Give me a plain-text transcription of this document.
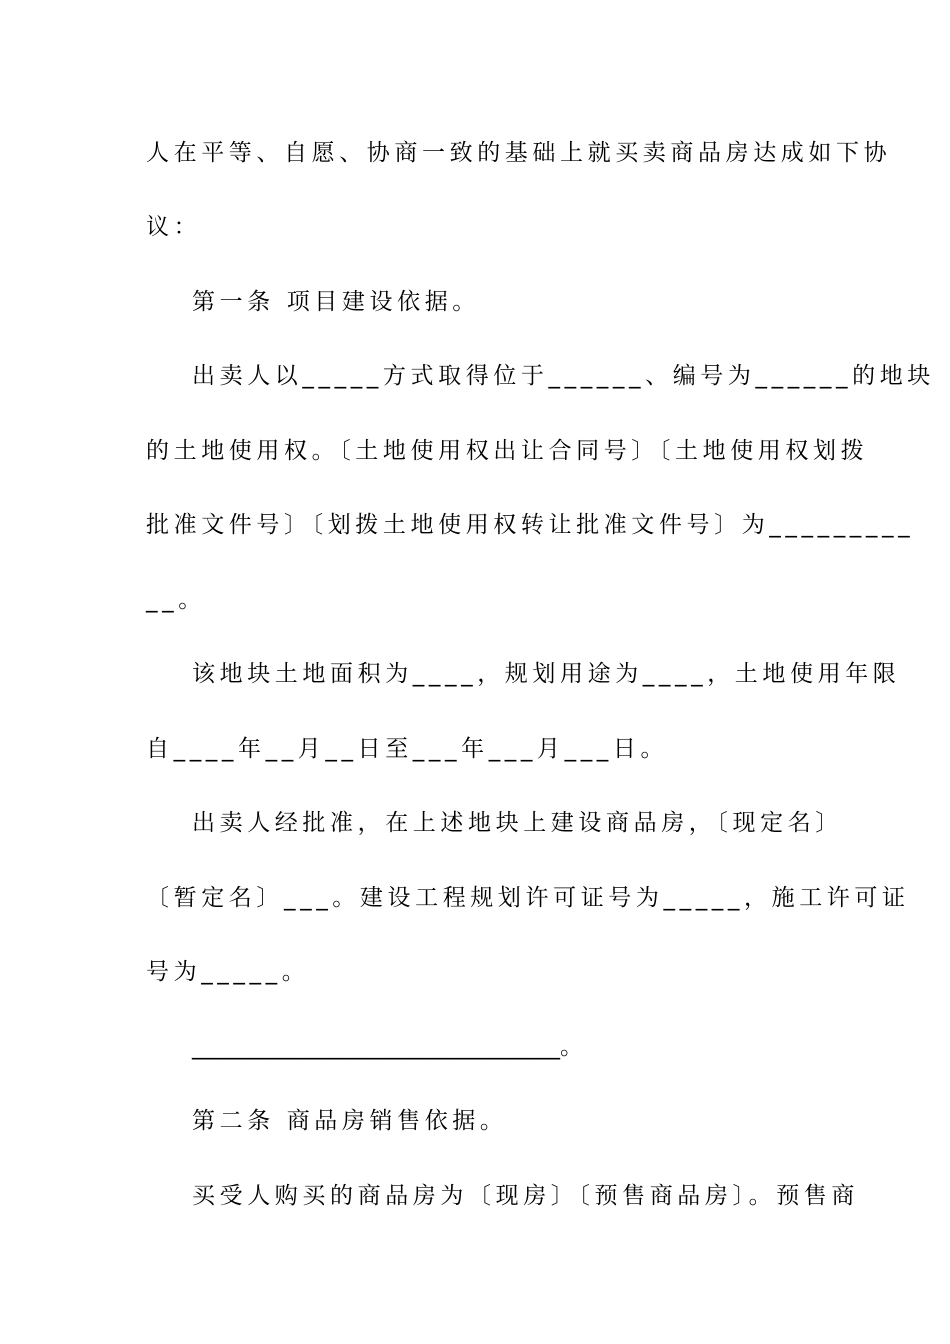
人在平等、自愿、协商一致的基础上就买卖商品房达成如下协
议：
第一条 项目建设依据。
出卖人以_____方式取得位于______、编号为______的地块
的土地使用权。〔土地使用权出让合同号〕〔土地使用权划拨
批准文件号〕〔划拨土地使用权转让批准文件号〕为_________
__。
该地块土地面积为____，规划用途为____，土地使用年限
自____年__月__日至___年___月___日。
出卖人经批准，在上述地块上建设商品房，〔现定名〕
〔暂定名〕___。建设工程规划许可证号为_____，施工许可证
号为_____。
________________________________。
第二条 商品房销售依据。
买受人购买的商品房为〔现房〕〔预售商品房〕。预售商
